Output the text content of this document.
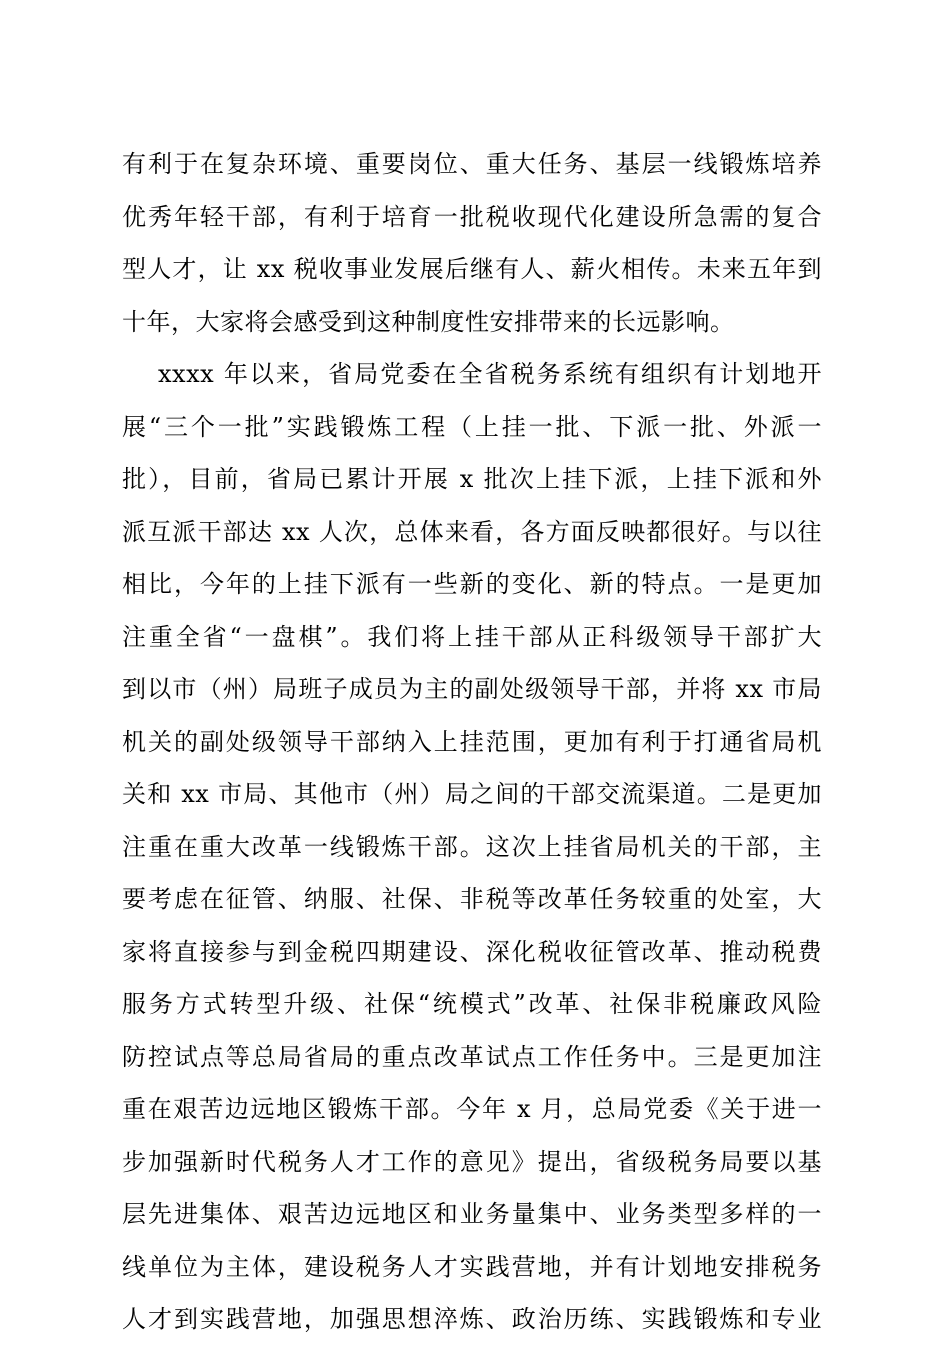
有利于在复杂环境、重要岗位、重大任务、基层一线锻炼培养
优秀年轻干部，有利于培育一批税收现代化建设所急需的复合
型人才，让 xx 税收事业发展后继有人、薪火相传。未来五年到
十年，大家将会感受到这种制度性安排带来的长远影响。
xxxx 年以来，省局党委在全省税务系统有组织有计划地开
展“三个一批”实践锻炼工程（上挂一批、下派一批、外派一
批），目前，省局已累计开展 x 批次上挂下派，上挂下派和外
派互派干部达 xx 人次，总体来看，各方面反映都很好。与以往
相比，今年的上挂下派有一些新的变化、新的特点。一是更加
注重全省“一盘棋”。我们将上挂干部从正科级领导干部扩大
到以市（州）局班子成员为主的副处级领导干部，并将 xx 市局
机关的副处级领导干部纳入上挂范围，更加有利于打通省局机
关和 xx 市局、其他市（州）局之间的干部交流渠道。二是更加
注重在重大改革一线锻炼干部。这次上挂省局机关的干部，主
要考虑在征管、纳服、社保、非税等改革任务较重的处室，大
家将直接参与到金税四期建设、深化税收征管改革、推动税费
服务方式转型升级、社保“统模式”改革、社保非税廉政风险
防控试点等总局省局的重点改革试点工作任务中。三是更加注
重在艰苦边远地区锻炼干部。今年 x 月，总局党委《关于进一
步加强新时代税务人才工作的意见》提出，省级税务局要以基
层先进集体、艰苦边远地区和业务量集中、业务类型多样的一
线单位为主体，建设税务人才实践营地，并有计划地安排税务
人才到实践营地，加强思想淬炼、政治历练、实践锻炼和专业
